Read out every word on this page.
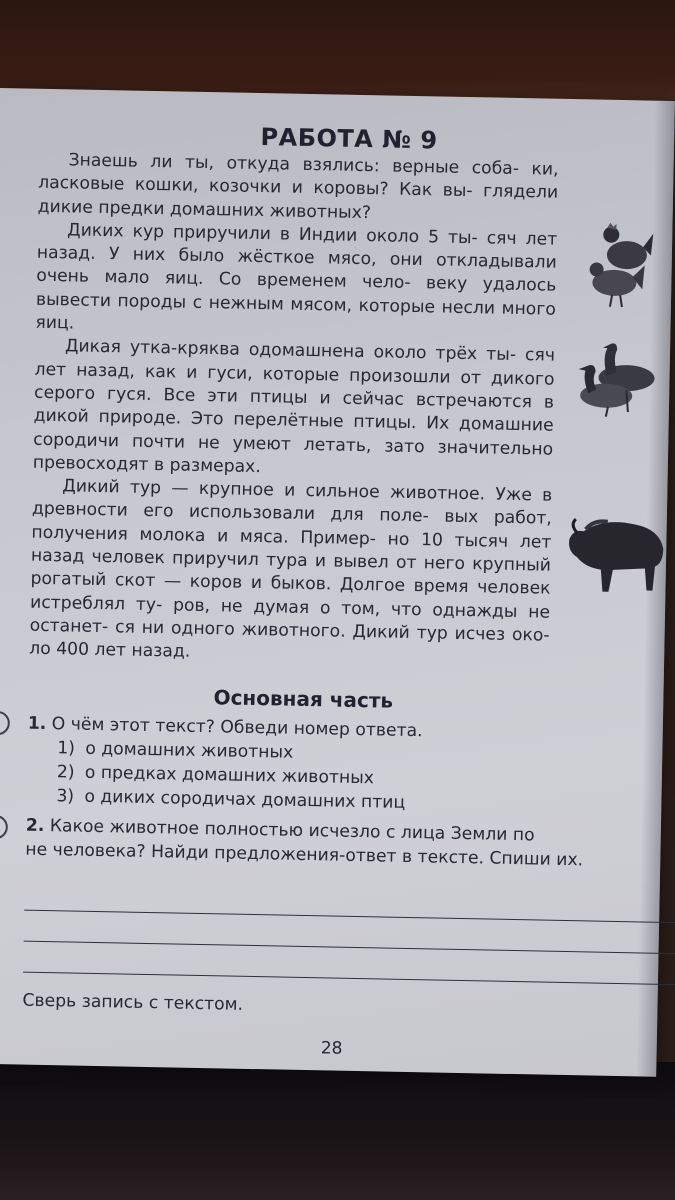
РАБОТА № 9

Знаешь ли ты, откуда взялись: верные соба- ки, ласковые кошки, козочки и коровы? Как вы- глядели дикие предки домашних животных?

Диких кур приручили в Индии около 5 ты- сяч лет назад. У них было жёсткое мясо, они откладывали очень мало яиц. Со временем чело- веку удалось вывести породы с нежным мясом, которые несли много яиц.

Дикая утка-кряква одомашнена около трёх ты- сяч лет назад, как и гуси, которые произошли от дикого серого гуся. Все эти птицы и сейчас встречаются в дикой природе. Это перелётные птицы. Их домашние сородичи почти не умеют летать, зато значительно превосходят в размерах.

Дикий тур — крупное и сильное животное. Уже в древности его использовали для поле- вых работ, получения молока и мяса. Пример- но 10 тысяч лет назад человек приручил тура и вывел от него крупный рогатый скот — коров и быков. Долгое время человек истреблял ту- ров, не думая о том, что однажды не останет- ся ни одного животного. Дикий тур исчез око- ло 400 лет назад.

Основная часть

1. О чём этот текст? Обведи номер ответа.

1) о домашних животных

2) о предках домашних животных

3) о диких сородичах домашних птиц

2. Какое животное полностью исчезло с лица Земли по

не человека? Найди предложения-ответ в тексте. Спиши их.

Сверь запись с текстом.
28
